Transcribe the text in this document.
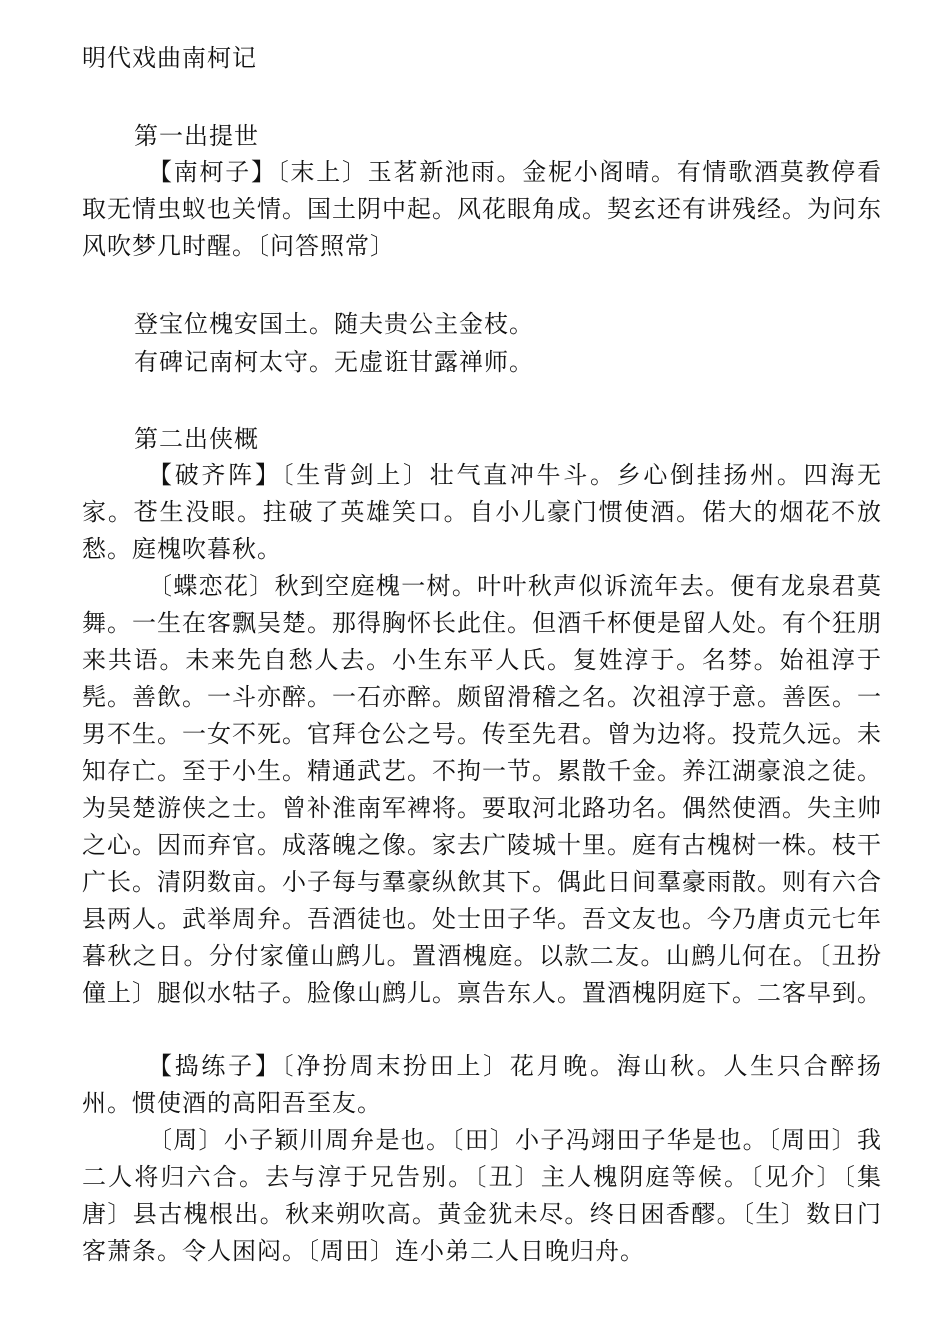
明代戏曲南柯记
第一出提世

【南柯子】〔末上〕玉茗新池雨。金柅小阁晴。有情歌酒莫教停看取无情虫蚁也关情。国土阴中起。风花眼角成。契玄还有讲残经。为问东风吹梦几时醒。〔问答照常〕

登宝位槐安国土。随夫贵公主金枝。
有碑记南柯太守。无虚诳甘露禅师。
第二出侠概

【破齐阵】〔生背剑上〕壮气直冲牛斗。乡心倒挂扬州。四海无家。苍生没眼。拄破了英雄笑口。自小儿豪门惯使酒。偌大的烟花不放愁。庭槐吹暮秋。

〔蝶恋花〕秋到空庭槐一树。叶叶秋声似诉流年去。便有龙泉君莫舞。一生在客飘吴楚。那得胸怀长此住。但酒千杯便是留人处。有个狂朋来共语。未来先自愁人去。小生东平人氏。复姓淳于。名棼。始祖淳于髡。善飲。一斗亦醉。一石亦醉。颇留滑稽之名。次祖淳于意。善医。一男不生。一女不死。官拜仓公之号。传至先君。曾为边将。投荒久远。未知存亡。至于小生。精通武艺。不拘一节。累散千金。养江湖豪浪之徒。为吴楚游侠之士。曾补淮南军裨将。要取河北路功名。偶然使酒。失主帅之心。因而弃官。成落魄之像。家去广陵城十里。庭有古槐树一株。枝干广长。清阴数亩。小子每与羣豪纵飲其下。偶此日间羣豪雨散。则有六合县两人。武举周弁。吾酒徒也。处士田子华。吾文友也。今乃唐贞元七年暮秋之日。分付家僮山鹧儿。置酒槐庭。以款二友。山鹧儿何在。〔丑扮僮上〕腿似水牯子。脸像山鹧儿。禀告东人。置酒槐阴庭下。二客早到。

【捣练子】〔净扮周末扮田上〕花月晚。海山秋。人生只合醉扬州。惯使酒的高阳吾至友。

〔周〕小子颖川周弁是也。〔田〕小子冯翊田子华是也。〔周田〕我二人将归六合。去与淳于兄告别。〔丑〕主人槐阴庭等候。〔见介〕〔集唐〕县古槐根出。秋来朔吹高。黄金犹未尽。终日困香醪。〔生〕数日门客萧条。令人困闷。〔周田〕连小弟二人日晚归舟。
